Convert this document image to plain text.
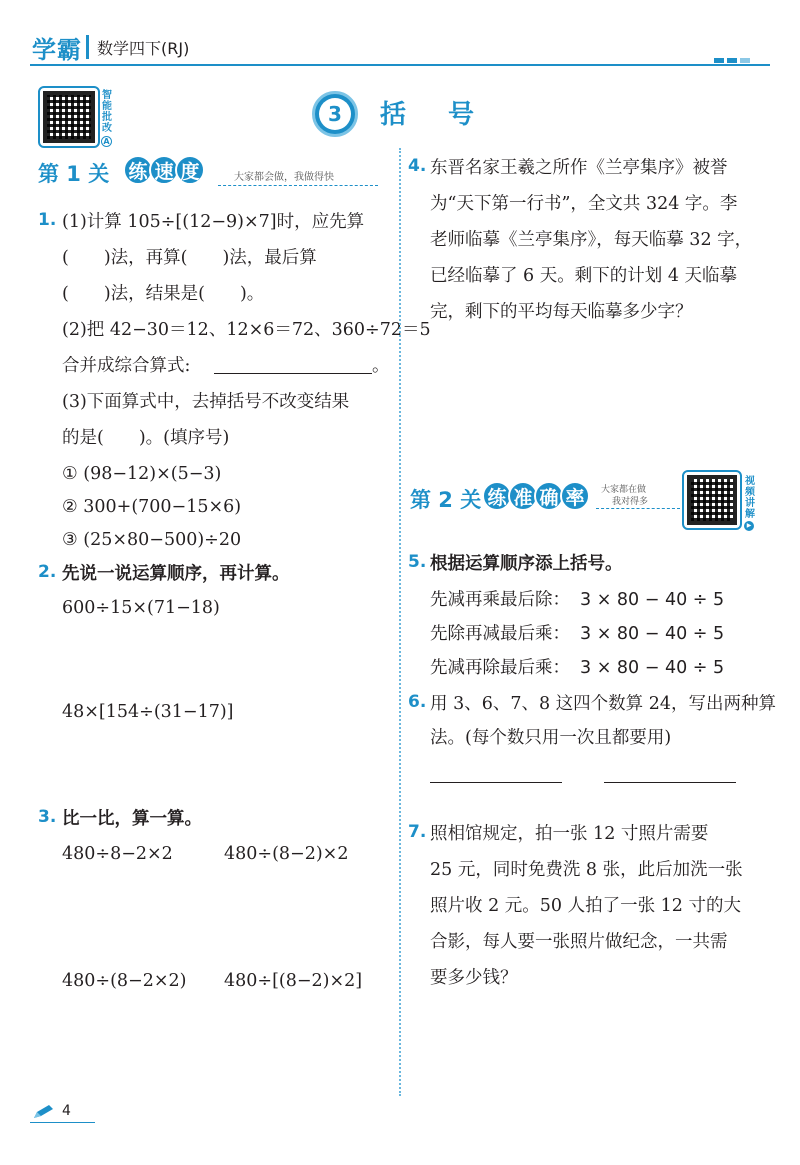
学霸 数学四下(RJ)
智能批改
A
3	括号
第 1 关 练 速 度	大家都会做，我做得快
1. (1)计算 105÷[(12−9)×7]时，应先算
(　　)法，再算(　　)法，最后算
(　　)法，结果是(　　)。
(2)把 42−30＝12、12×6＝72、360÷72＝5
合并成综合算式:	。
(3)下面算式中，去掉括号不改变结果
的是(　　)。(填序号)
① (98−12)×(5−3)
② 300+(700−15×6)
③ (25×80−500)÷20
2. 先说一说运算顺序，再计算。
600÷15×(71−18)
48×[154÷(31−17)]
3. 比一比，算一算。
480÷8−2×2	480÷(8−2)×2
480÷(8−2×2) 480÷[(8−2)×2]
4. 东晋名家王羲之所作《兰亭集序》被誉
为“天下第一行书”，全文共 324 字。李
老师临摹《兰亭集序》，每天临摹 32 字，
已经临摹了 6 天。剩下的计划 4 天临摹
完，剩下的平均每天临摹多少字？
第 2 关 练 准 确 率	大家都在做
我对得多
视频讲解
▶
5. 根据运算顺序添上括号。
先减再乘最后除： 3 × 80 − 40 ÷ 5
先除再减最后乘： 3 × 80 − 40 ÷ 5
先减再除最后乘： 3 × 80 − 40 ÷ 5
6. 用 3、6、7、8 这四个数算 24，写出两种算
法。(每个数只用一次且都要用)
7. 照相馆规定，拍一张 12 寸照片需要
25 元，同时免费洗 8 张，此后加洗一张
照片收 2 元。50 人拍了一张 12 寸的大
合影，每人要一张照片做纪念，一共需
要多少钱？
4
